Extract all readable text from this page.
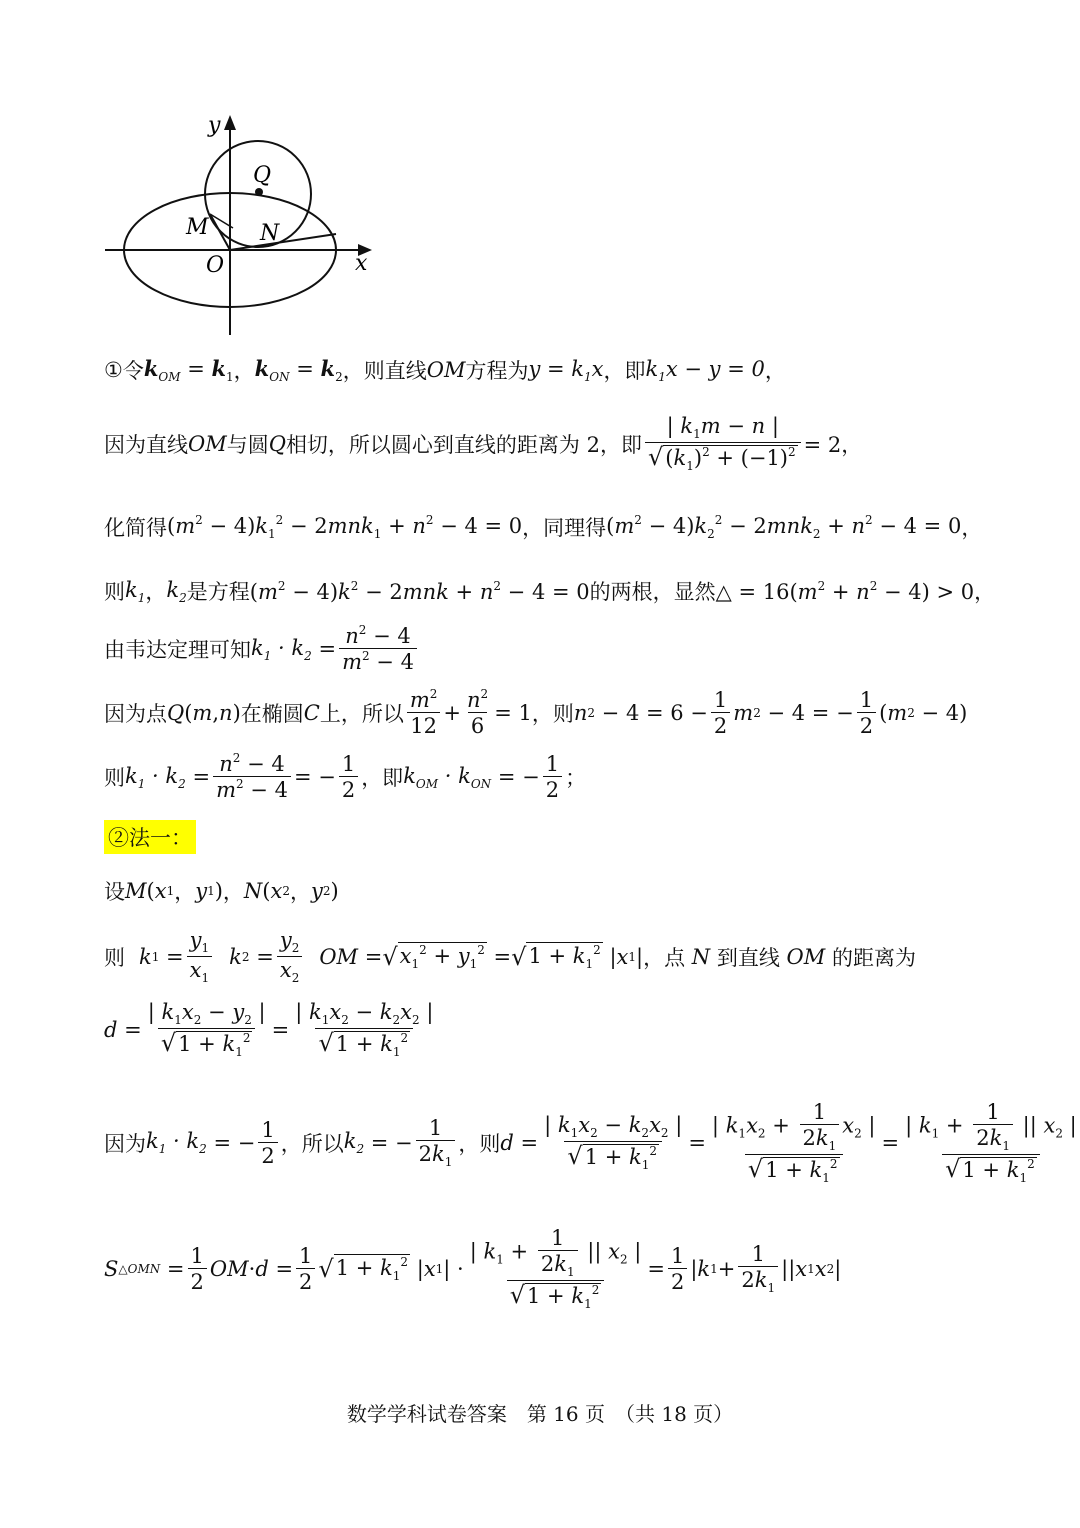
y
x
O
Q
M N
① 令 $k_{OM} = k_1$ ， $k_{ON} = k_2$ ，则直线 OM 方程为 $y = k_1x$ ，即 $k_1x - y = 0$ ，
因为直线 OM 与圆 Q 相切，所以圆心到直线的距离为 2，即 $\frac{| k_1m - n |}{√(k_1)^2 + (-1)^2} = 2$，
化简得 $(m^2 - 4)k_1^2 - 2mnk_1 + n^2 - 4 = 0$ ，同理得 $(m^2 - 4)k_2^2 - 2mnk_2 + n^2 - 4 = 0$ ，
则 $k_1$ ， $k_2$ 是方程 $(m^2 - 4)k^2 - 2mnk + n^2 - 4 = 0$ 的两根，显然 △ = $16(m^2 + n^2 - 4) > 0$ ，
由韦达定理可知 $k_1 \cdot k_2 = \frac{n^2 - 4}{m^2 - 4}$
因为点 Q ( m , n ) 在椭圆 C 上，所以 $\frac{m^2}{12} + \frac{n^2}{6} = 1$ ，则 n $2 - 4 = 6 - \frac{1}{2}$ m 2 − 4 = − $\frac{1}{2}$ ( m 2 − 4)
则 $k_1 \cdot k_2 = \frac{n^2 - 4}{m^2 - 4}$ = − $\frac{1}{2}$ ，即 $k_{OM} \cdot k_{ON}$ = − $\frac{1}{2}$ ；
②法一：
设 M ( x 1 ， y 1 ) ， N ( x 2 ， y 2 )
则 k $1 = \frac{y_1}{x_1}$ k $2 = \frac{y_2}{x_2}$ OM = √ $x_1^2 + y_1^2$ = √ $1 + k_1^2$ | x 1 | ，点
N
到直线
OM
的距离为
$d = \frac{| k_1x_2 - y_2 |}{√1 + k_1^2} = \frac{| k_1x_2 - k_2x_2 |}{√1 + k_1^2}$
因为 $k_1 \cdot k_2$ = − $\frac{1}{2}$ ，所以 $k_2$ = − $\frac{1}{2k_1}$ ，则 $d = \frac{| k_1x_2 - k_2x_2 |}{√1 + k_1^2} = \frac{| k_1x_2 + \frac{1}{2k_1} x_2 |}{√1 + k_1^2} = \frac{| k_1 + \frac{1}{2k_1} || x_2 |}{√1 + k_1^2}$
S △OMN = $\frac{1}{2}$ OM · $d = \frac{1}{2}$ √ $1 + k_1^2$ | x 1 | · $\frac{| k_1 + \frac{1}{2k_1} || x_2 |}{√1 + k_1^2} = \frac{1}{2}$ | k $1 + \frac{1}{2k_1}$ || x 1 x 2 |
数学学科试卷答案　第 16 页　（共 18 页）
